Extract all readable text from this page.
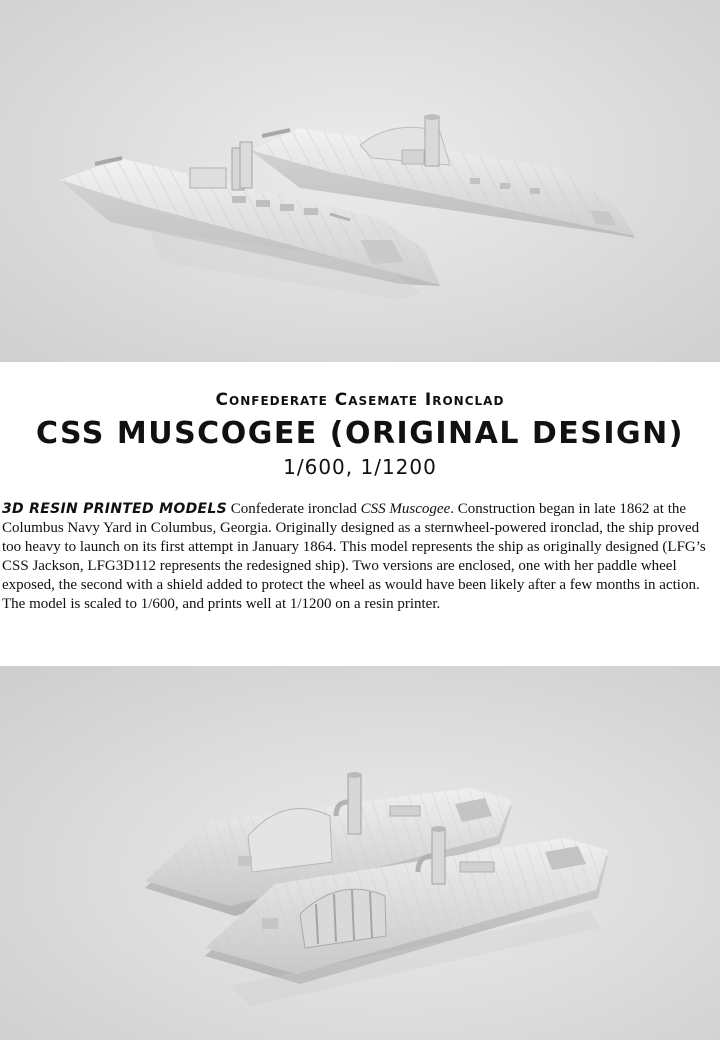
Confederate Casemate Ironclad
CSS MUSCOGEE (ORIGINAL DESIGN)
1/600, 1/1200
3D RESIN PRINTED MODELS Confederate ironclad CSS Muscogee. Construction began in late 1862 at the Columbus Navy Yard in Columbus, Georgia. Originally designed as a sternwheel-powered ironclad, the ship proved too heavy to launch on its first attempt in January 1864. This model represents the ship as originally designed (LFG’s CSS Jackson, LFG3D112 represents the redesigned ship). Two versions are enclosed, one with her paddle wheel exposed, the second with a shield added to protect the wheel as would have been likely after a few months in action. The model is scaled to 1/600, and prints well at 1/1200 on a resin printer.
